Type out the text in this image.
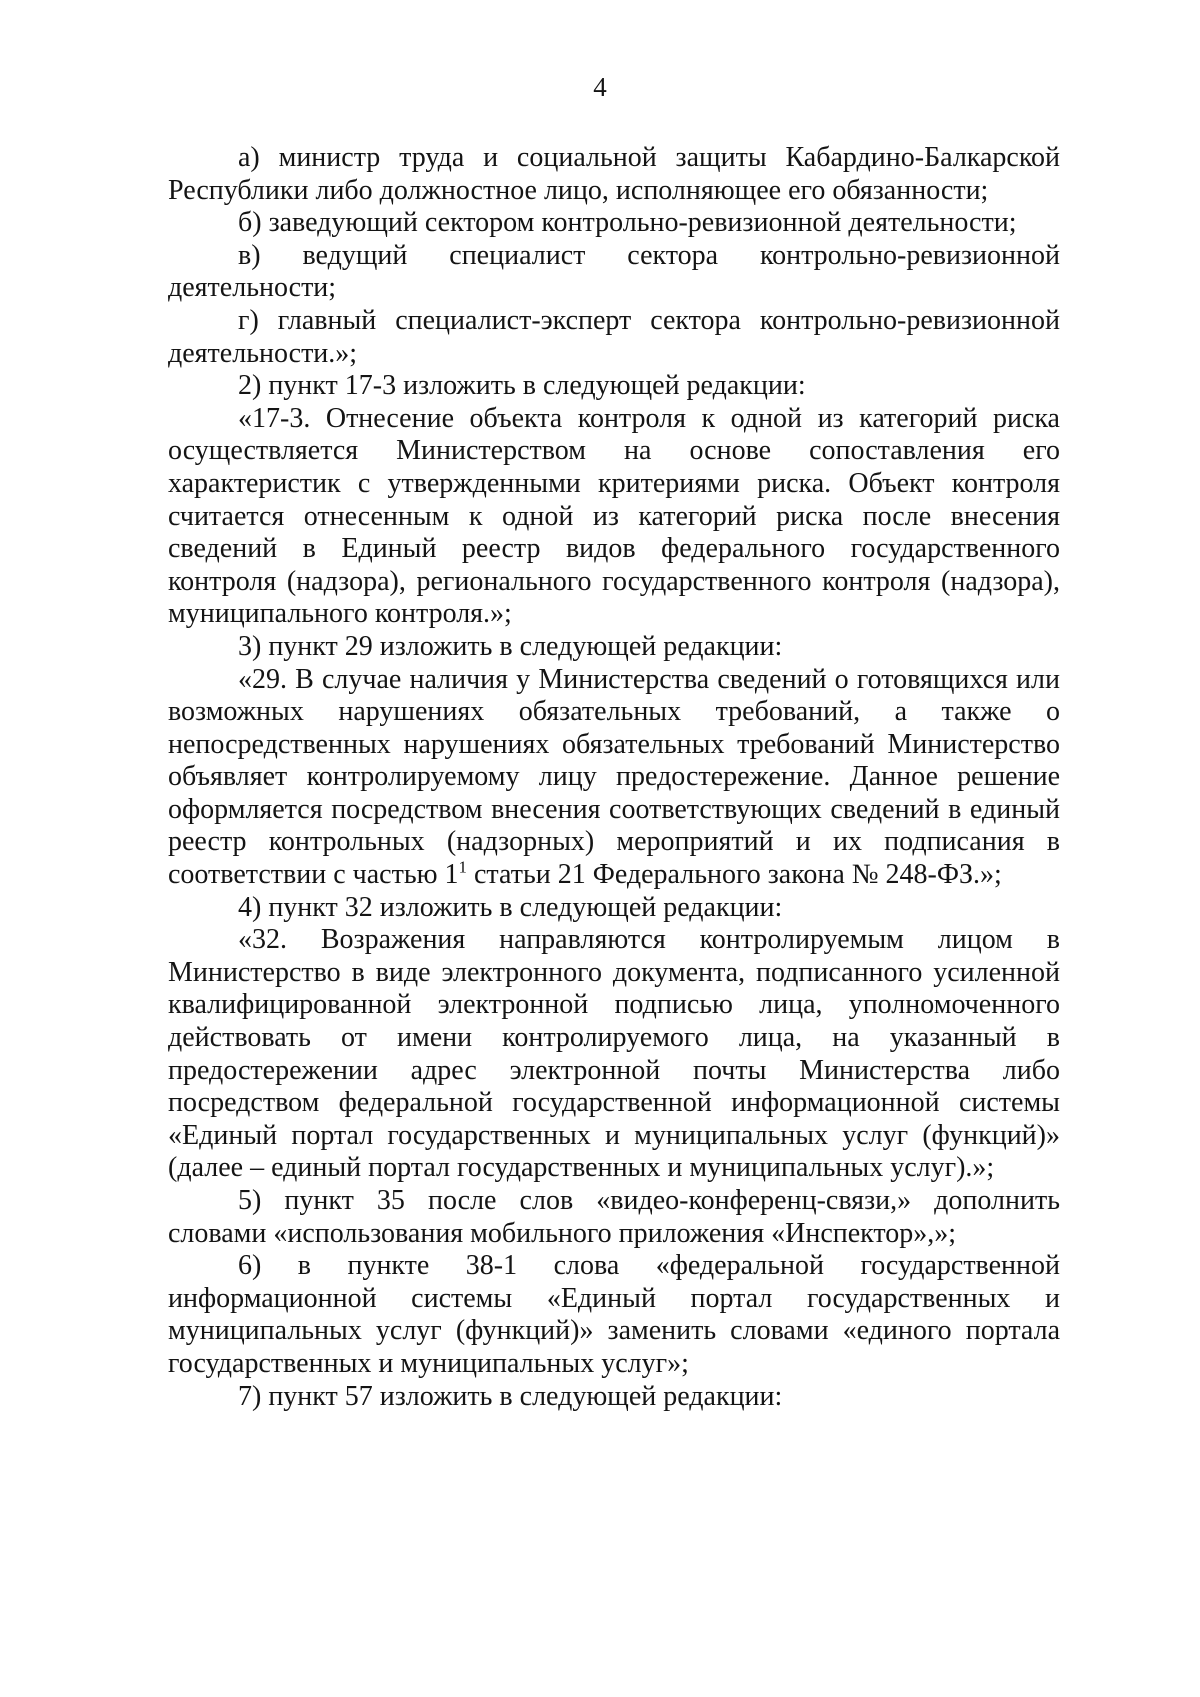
4

а) министр труда и социальной защиты Кабардино-Балкарской Республики либо должностное лицо, исполняющее его обязанности;

б) заведующий сектором контрольно-ревизионной деятельности;

в) ведущий специалист сектора контрольно-ревизионной деятельности;

г) главный специалист-эксперт сектора контрольно-ревизионной деятельности.»;

2) пункт 17-3 изложить в следующей редакции:

«17-3. Отнесение объекта контроля к одной из категорий риска осуществляется Министерством на основе сопоставления его характеристик с утвержденными критериями риска. Объект контроля считается отнесенным к одной из категорий риска после внесения сведений в Единый реестр видов федерального государственного контроля (надзора), регионального государственного контроля (надзора), муниципального контроля.»;

3) пункт 29 изложить в следующей редакции:

«29. В случае наличия у Министерства сведений о готовящихся или возможных нарушениях обязательных требований, а также о непосредственных нарушениях обязательных требований Министерство объявляет контролируемому лицу предостережение. Данное решение оформляется посредством внесения соответствующих сведений в единый реестр контрольных (надзорных) мероприятий и их подписания в соответствии с частью $1^1$ статьи 21 Федерального закона № 248-ФЗ.»;

4) пункт 32 изложить в следующей редакции:

«32. Возражения направляются контролируемым лицом в Министерство в виде электронного документа, подписанного усиленной квалифицированной электронной подписью лица, уполномоченного действовать от имени контролируемого лица, на указанный в предостережении адрес электронной почты Министерства либо посредством федеральной государственной информационной системы «Единый портал государственных и муниципальных услуг (функций)» (далее – единый портал государственных и муниципальных услуг).»;

5) пункт 35 после слов «видео-конференц-связи,» дополнить словами «использования мобильного приложения «Инспектор»,»;

6) в пункте 38-1 слова «федеральной государственной информационной системы «Единый портал государственных и муниципальных услуг (функций)» заменить словами «единого портала государственных и муниципальных услуг»;

7) пункт 57 изложить в следующей редакции:
